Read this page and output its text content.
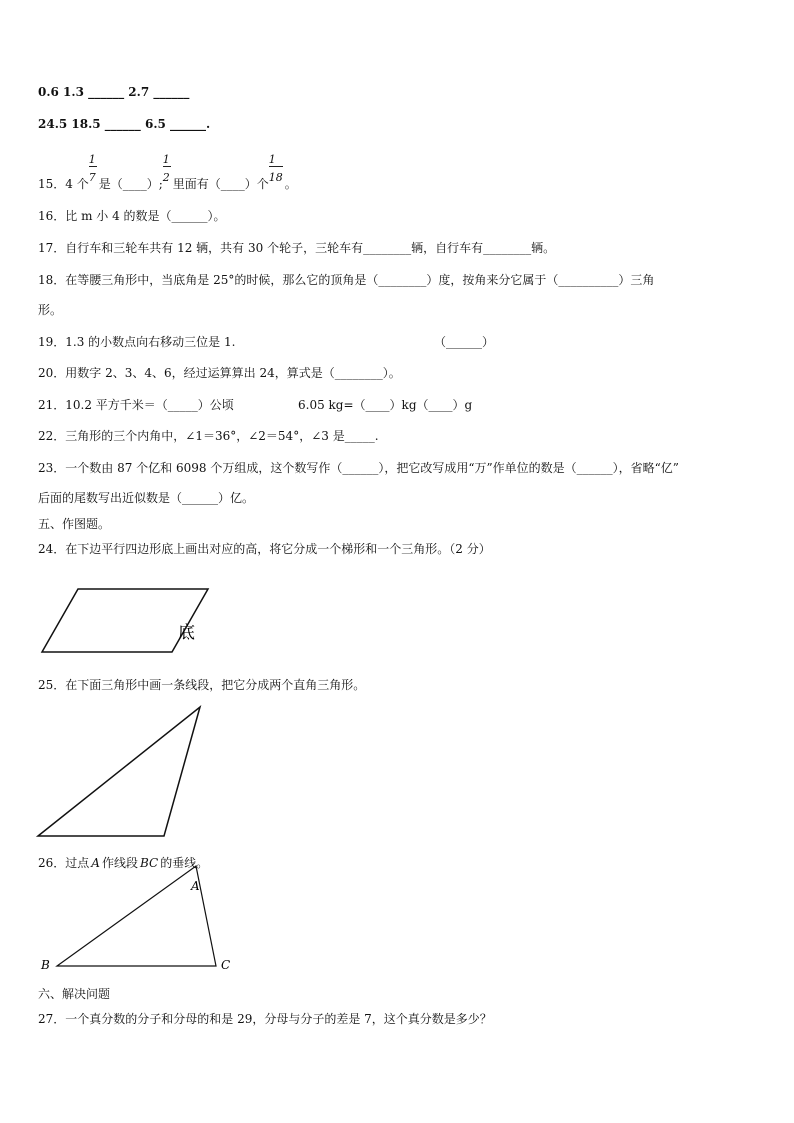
0.6 1.3 ______ 2.7 ______
24.5 18.5 ______ 6.5 ______.
15．4 个 $\frac{1}{7}$ 是（____）; $\frac{1}{2}$ 里面有（____）个 $\frac{1}{18}$ 。
16．比 m 小 4 的数是（______）。
17．自行车和三轮车共有 12 辆，共有 30 个轮子，三轮车有________辆，自行车有________辆。
18．在等腰三角形中，当底角是 25°的时候，那么它的顶角是（________）度，按角来分它属于（__________）三角
形。
19．1.3 的小数点向右移动三位是 1.	（______）
20．用数字 2、3、4、6，经过运算算出 24，算式是（________）。
21．10.2 平方千米＝（_____）公顷	6.05 kg=（____）kg（____）g
22．三角形的三个内角中，∠1＝36°，∠2＝54°，∠3 是_____.
23．一个数由 87 个亿和 6098 个万组成，这个数写作（______），把它改写成用“万”作单位的数是（______），省略“亿”
后面的尾数写出近似数是（______）亿。
五、作图题。
24．在下边平行四边形底上画出对应的高，将它分成一个梯形和一个三角形。（2 分）
底
A
B	C
25．在下面三角形中画一条线段，把它分成两个直角三角形。
26．过点 A 作线段 BC 的垂线。
六、解决问题
27．一个真分数的分子和分母的和是 29，分母与分子的差是 7，这个真分数是多少？
